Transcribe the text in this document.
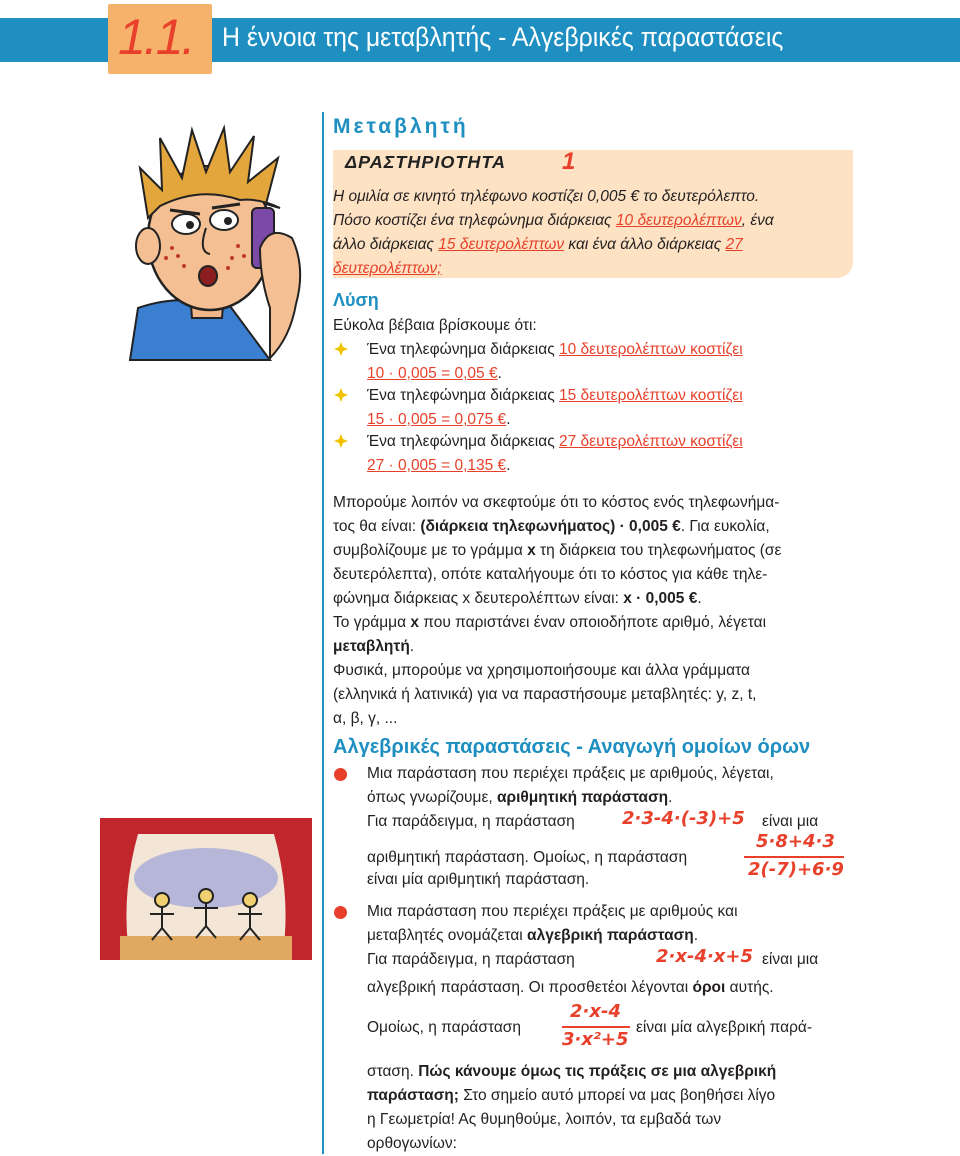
1.1. Η έννοια της μεταβλητής - Αλγεβρικές παραστάσεις
Μεταβλητή
ΔΡΑΣΤΗΡΙΟΤΗΤΑ 1
Η ομιλία σε κινητό τηλέφωνο κοστίζει 0,005 € το δευτερόλεπτο.
Πόσο κοστίζει ένα τηλεφώνημα διάρκειας 10 δευτερολέπτων, ένα
άλλο διάρκειας 15 δευτερολέπτων και ένα άλλο διάρκειας 27
δευτερολέπτων;
Λύση
Εύκολα βέβαια βρίσκουμε ότι:
Ένα τηλεφώνημα διάρκειας 10 δευτερολέπτων κοστίζει
10 · 0,005 = 0,05 €.
Ένα τηλεφώνημα διάρκειας 15 δευτερολέπτων κοστίζει
15 · 0,005 = 0,075 €.
Ένα τηλεφώνημα διάρκειας 27 δευτερολέπτων κοστίζει
27 · 0,005 = 0,135 €.
Μπορούμε λοιπόν να σκεφτούμε ότι το κόστος ενός τηλεφωνήμα-
τος θα είναι: (διάρκεια τηλεφωνήματος) · 0,005 €. Για ευκολία,
συμβολίζουμε με το γράμμα x τη διάρκεια του τηλεφωνήματος (σε
δευτερόλεπτα), οπότε καταλήγουμε ότι το κόστος για κάθε τηλε-
φώνημα διάρκειας x δευτερολέπτων είναι: x · 0,005 €.
Το γράμμα x που παριστάνει έναν οποιοδήποτε αριθμό, λέγεται
μεταβλητή.
Φυσικά, μπορούμε να χρησιμοποιήσουμε και άλλα γράμματα
(ελληνικά ή λατινικά) για να παραστήσουμε μεταβλητές: y, z, t,
α, β, γ, ...
Αλγεβρικές παραστάσεις - Αναγωγή ομοίων όρων
Μια παράσταση που περιέχει πράξεις με αριθμούς, λέγεται,
όπως γνωρίζουμε, αριθμητική παράσταση.
Για παράδειγμα, η παράσταση	2·3-4·(-3)+5 είναι μια
αριθμητική παράσταση. Ομοίως, η παράσταση
5·8+4·3
2(-7)+6·9
είναι μία αριθμητική παράσταση.
Μια παράσταση που περιέχει πράξεις με αριθμούς και
μεταβλητές ονομάζεται αλγεβρική παράσταση.
Για παράδειγμα, η παράσταση	2·x-4·x+5 είναι μια
αλγεβρική παράσταση. Οι προσθετέοι λέγονται όροι αυτής.
Ομοίως, η παράσταση
2·x-4
3·x²+5
είναι μία αλγεβρική παρά-
σταση. Πώς κάνουμε όμως τις πράξεις σε μια αλγεβρική
παράσταση; Στο σημείο αυτό μπορεί να μας βοηθήσει λίγο
η Γεωμετρία! Ας θυμηθούμε, λοιπόν, τα εμβαδά των
ορθογωνίων:
